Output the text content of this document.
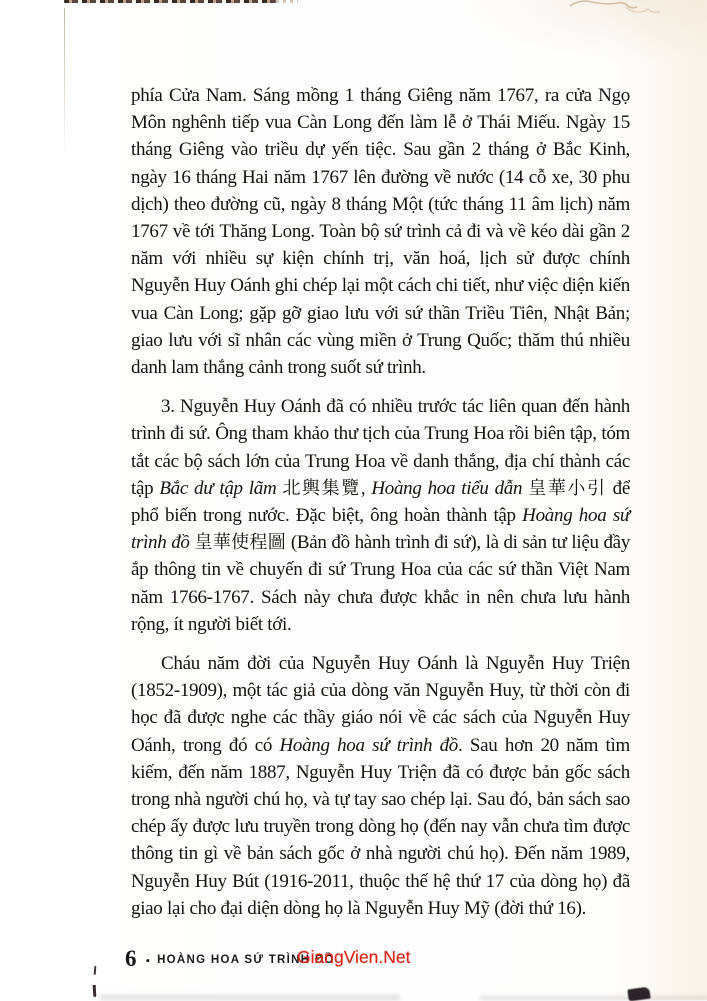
phía Cửa Nam. Sáng mồng 1 tháng Giêng năm 1767, ra cửa Ngọ Môn nghênh tiếp vua Càn Long đến làm lễ ở Thái Miếu. Ngày 15 tháng Giêng vào triều dự yến tiệc. Sau gần 2 tháng ở Bắc Kinh, ngày 16 tháng Hai năm 1767 lên đường về nước (14 cỗ xe, 30 phu dịch) theo đường cũ, ngày 8 tháng Một (tức tháng 11 âm lịch) năm 1767 về tới Thăng Long. Toàn bộ sứ trình cả đi và về kéo dài gần 2 năm với nhiều sự kiện chính trị, văn hoá, lịch sử được chính Nguyễn Huy Oánh ghi chép lại một cách chi tiết, như việc diện kiến vua Càn Long; gặp gỡ giao lưu với sứ thần Triều Tiên, Nhật Bản; giao lưu với sĩ nhân các vùng miền ở Trung Quốc; thăm thú nhiều danh lam thắng cảnh trong suốt sứ trình.

3. Nguyễn Huy Oánh đã có nhiều trước tác liên quan đến hành trình đi sứ. Ông tham khảo thư tịch của Trung Hoa rồi biên tập, tóm tắt các bộ sách lớn của Trung Hoa về danh thắng, địa chí thành các tập Bắc dư tập lãm 北輿集覽, Hoàng hoa tiểu dẫn 皇華小引 để phổ biến trong nước. Đặc biệt, ông hoàn thành tập Hoàng hoa sứ trình đồ 皇華使程圖 (Bản đồ hành trình đi sứ), là di sản tư liệu đầy ắp thông tin về chuyến đi sứ Trung Hoa của các sứ thần Việt Nam năm 1766-1767. Sách này chưa được khắc in nên chưa lưu hành rộng, ít người biết tới.

Cháu năm đời của Nguyễn Huy Oánh là Nguyễn Huy Triện (1852-1909), một tác giả của dòng văn Nguyễn Huy, từ thời còn đi học đã được nghe các thầy giáo nói về các sách của Nguyễn Huy Oánh, trong đó có Hoàng hoa sứ trình đồ. Sau hơn 20 năm tìm kiếm, đến năm 1887, Nguyễn Huy Triện đã có được bản gốc sách trong nhà người chú họ, và tự tay sao chép lại. Sau đó, bản sách sao chép ấy được lưu truyền trong dòng họ (đến nay vẫn chưa tìm được thông tin gì về bản sách gốc ở nhà người chú họ). Đến năm 1989, Nguyễn Huy Bút (1916-2011, thuộc thế hệ thứ 17 của dòng họ) đã giao lại cho đại diện dòng họ là Nguyễn Huy Mỹ (đời thứ 16).

6 • HOÀNG HOA SỨ TRÌNH ĐỒ
GiangVien.Net
